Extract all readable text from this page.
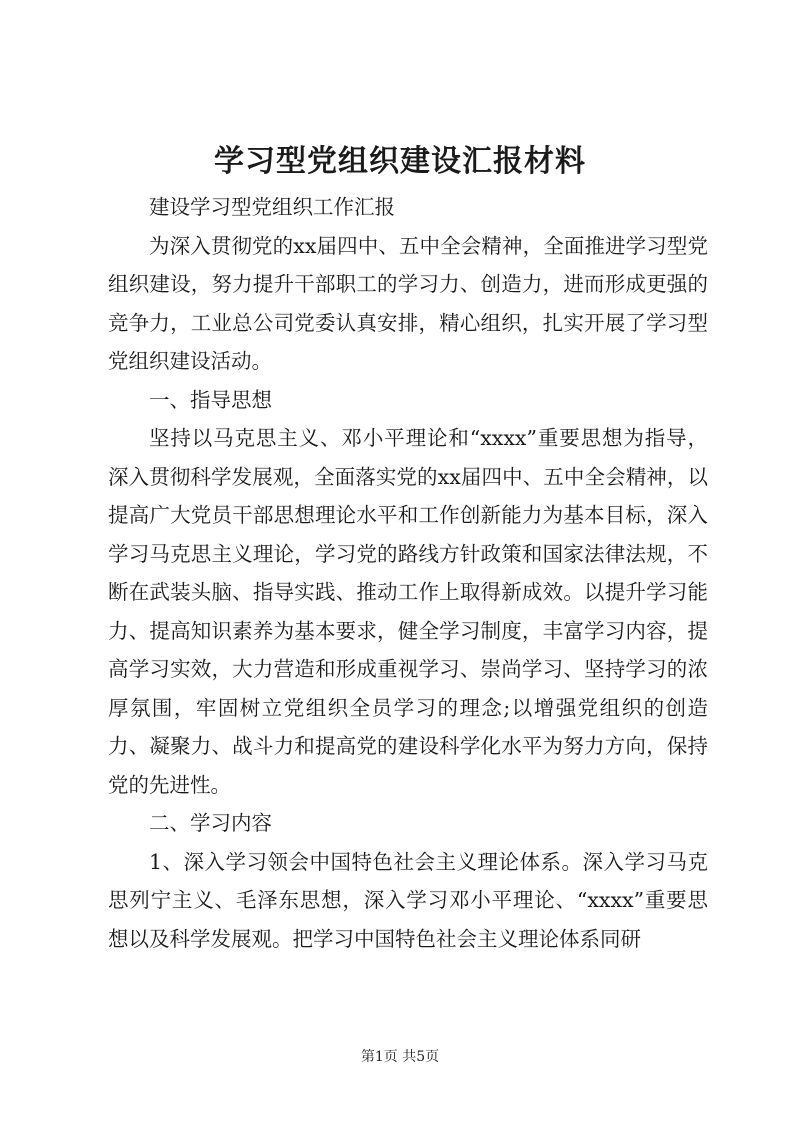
学习型党组织建设汇报材料

建设学习型党组织工作汇报

为深入贯彻党的xx届四中、五中全会精神，全面推进学习型党组织建设，努力提升干部职工的学习力、创造力，进而形成更强的竞争力，工业总公司党委认真安排，精心组织，扎实开展了学习型党组织建设活动。

一、指导思想

坚持以马克思主义、邓小平理论和“xxxx”重要思想为指导，深入贯彻科学发展观，全面落实党的xx届四中、五中全会精神，以提高广大党员干部思想理论水平和工作创新能力为基本目标，深入学习马克思主义理论，学习党的路线方针政策和国家法律法规，不断在武装头脑、指导实践、推动工作上取得新成效。以提升学习能力、提高知识素养为基本要求，健全学习制度，丰富学习内容，提高学习实效，大力营造和形成重视学习、崇尚学习、坚持学习的浓厚氛围，牢固树立党组织全员学习的理念;以增强党组织的创造力、凝聚力、战斗力和提高党的建设科学化水平为努力方向，保持党的先进性。

二、学习内容

1、深入学习领会中国特色社会主义理论体系。深入学习马克思列宁主义、毛泽东思想，深入学习邓小平理论、“xxxx”重要思想以及科学发展观。把学习中国特色社会主义理论体系同研

第1页 共5页
